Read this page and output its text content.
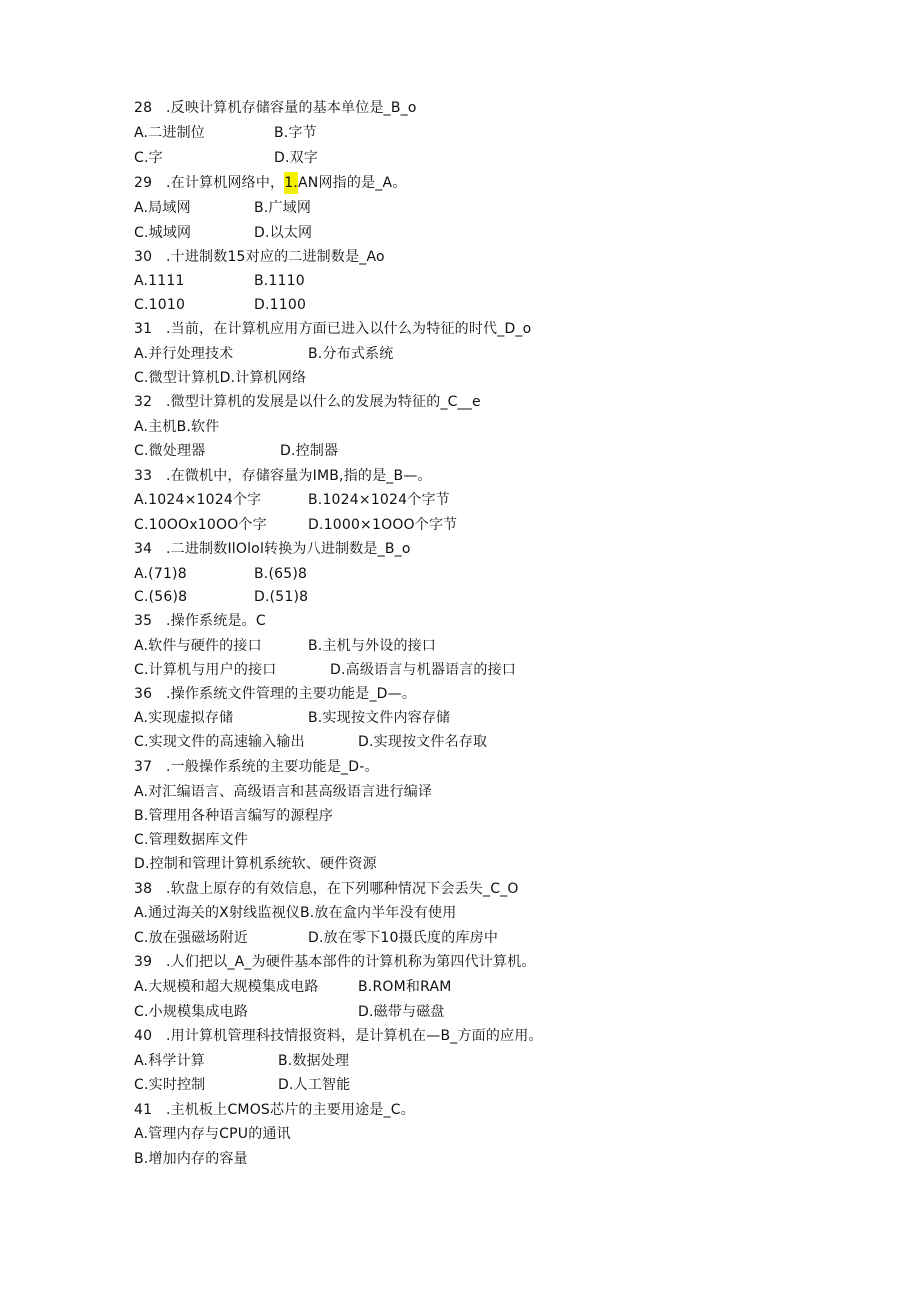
28 .反映计算机存储容量的基本单位是_B_o
A.二进制位	B.字节
C.字	D.双字
29 .在计算机网络中，1.AN网指的是_A。
A.局域网	B.广域网
C.城域网	D.以太网
30 .十进制数15对应的二进制数是_Ao
A.1111	B.1110
C.1010	D.1100
31 .当前，在计算机应用方面已进入以什么为特征的时代_D_o
A.并行处理技术	B.分布式系统
C.微型计算机D.计算机网络
32 .微型计算机的发展是以什么的发展为特征的_C__e
A.主机B.软件
C.微处理器	D.控制器
33 .在微机中，存储容量为IMB,指的是_B—。
A.1024×1024个字	B.1024×1024个字节
C.10OOx10OO个字	D.1000×1OOO个字节
34 .二进制数IlOlol转换为八进制数是_B_o
A.(71)8	B.(65)8
C.(56)8	D.(51)8
35 .操作系统是。C
A.软件与硬件的接口	B.主机与外设的接口
C.计算机与用户的接口	D.高级语言与机器语言的接口
36 .操作系统文件管理的主要功能是_D—。
A.实现虚拟存储	B.实现按文件内容存储
C.实现文件的高速输入输出	D.实现按文件名存取
37 .一般操作系统的主要功能是_D-。
A.对汇编语言、高级语言和甚高级语言进行编译
B.管理用各种语言编写的源程序
C.管理数据库文件
D.控制和管理计算机系统软、硬件资源
38 .软盘上原存的有效信息，在下列哪种情况下会丢失_C_O
A.通过海关的X射线监视仪B.放在盒内半年没有使用
C.放在强磁场附近	D.放在零下10摄氏度的库房中
39 .人们把以_A_为硬件基本部件的计算机称为第四代计算机。
A.大规模和超大规模集成电路	B.ROM和RAM
C.小规模集成电路	D.磁带与磁盘
40 .用计算机管理科技情报资料，是计算机在—B_方面的应用。
A.科学计算	B.数据处理
C.实时控制	D.人工智能
41 .主机板上CMOS芯片的主要用途是_C。
A.管理内存与CPU的通讯
B.增加内存的容量
